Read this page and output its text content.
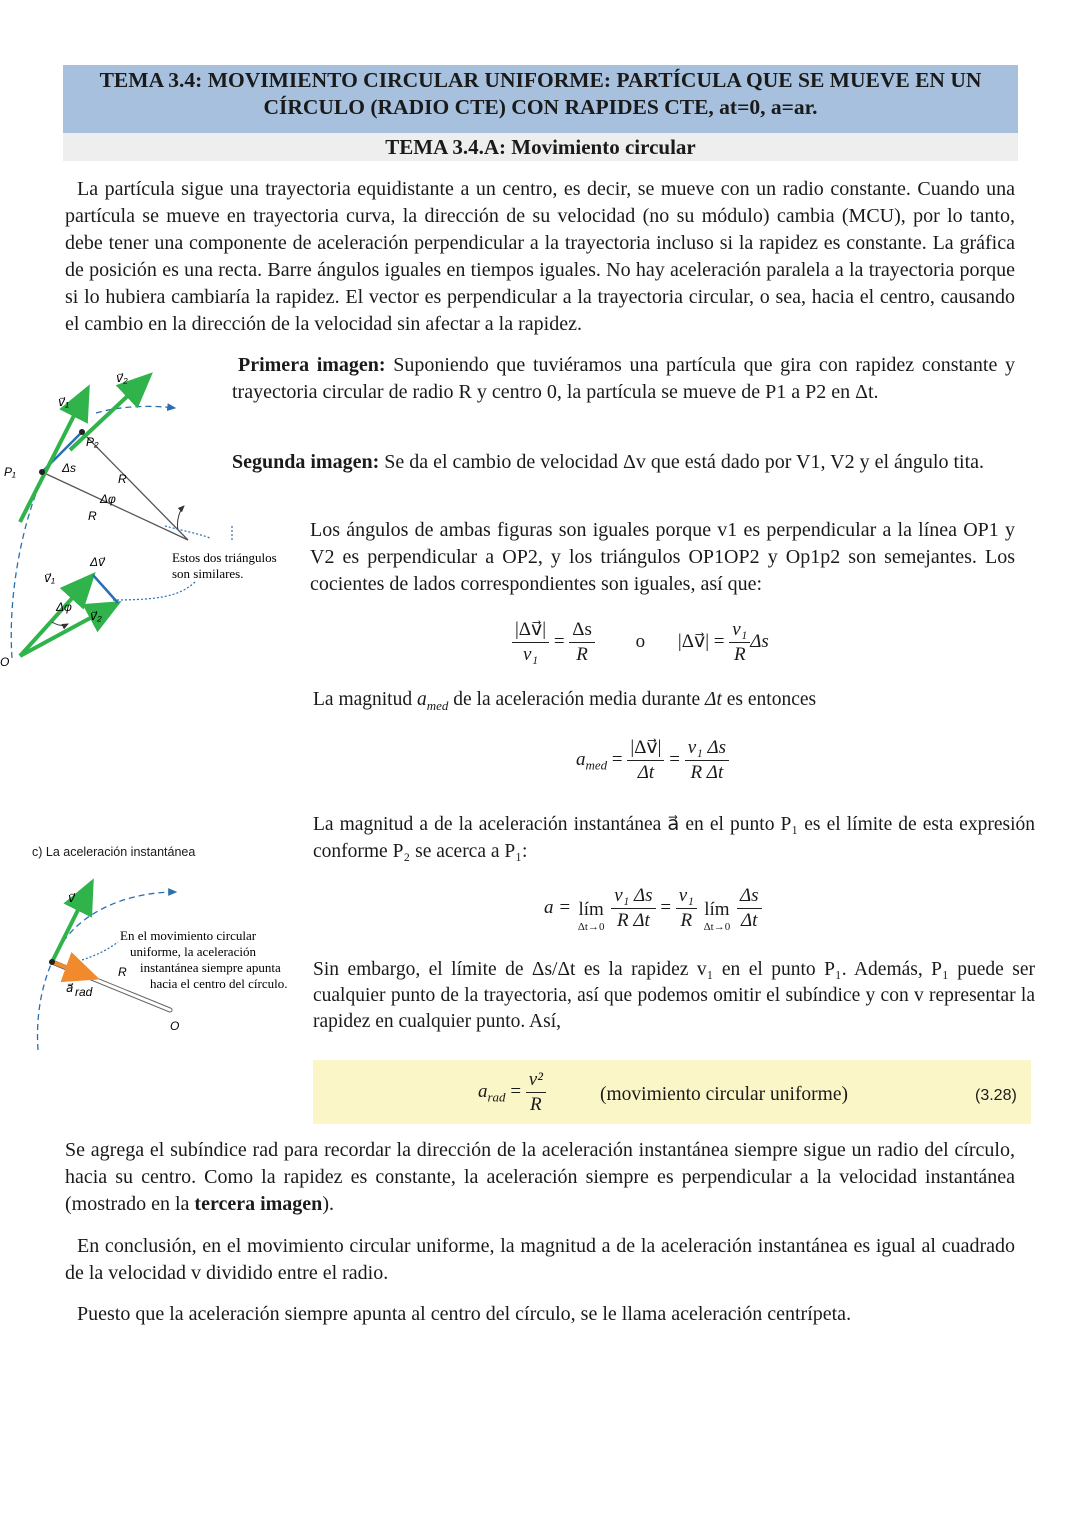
TEMA 3.4: MOVIMIENTO CIRCULAR UNIFORME: PARTÍCULA QUE SE MUEVE EN UN
CÍRCULO (RADIO CTE) CON RAPIDES CTE, at=0, a=ar.
TEMA 3.4.A: Movimiento circular

La partícula sigue una trayectoria equidistante a un centro, es decir, se mueve con un radio constante. Cuando una partícula se mueve en trayectoria curva, la dirección de su velocidad (no su módulo) cambia (MCU), por lo tanto, debe tener una componente de aceleración perpendicular a la trayectoria incluso si la rapidez es constante. La gráfica de posición es una recta. Barre ángulos iguales en tiempos iguales. No hay aceleración paralela a la trayectoria porque si lo hubiera cambiaría la rapidez. El vector es perpendicular a la trayectoria circular, o sea, hacia el centro, causando el cambio en la dirección de la velocidad sin afectar a la rapidez.

v⃗₂
v⃗₁
P₂
P₁	Δs
R
Δφ
R
Δv⃗
v⃗₁
Δφ
v⃗₂
O
Estos dos triángulos
son similares.

Primera imagen: Suponiendo que tuviéramos una partícula que gira con rapidez constante y trayectoria circular de radio R y centro 0, la partícula se mueve de P1 a P2 en Δt.

Segunda imagen: Se da el cambio de velocidad Δv que está dado por V1, V2 y el ángulo tita.

Los ángulos de ambas figuras son iguales porque v1 es perpendicular a la línea OP1 y V2 es perpendicular a OP2, y los triángulos OP1OP2 y Op1p2 son semejantes. Los cocientes de lados correspondientes son iguales, así que:

$\frac{|\Delta v⃗|}{\text{v₁}} = \frac{\Delta s}{R}$ o |Δv⃗| = $\frac{\text{v₁}}{R}$ Δs

La magnitud $a_{med}$ de la aceleración media durante Δt es entonces

$a_{med} = \frac{|\Delta v⃗|}{\Delta t} = \frac{\text{v₁ Δs}}{\text{R Δt}}$

La magnitud a de la aceleración instantánea a⃗ en el punto P₁ es el límite de esta expresión conforme P₂ se acerca a P₁:

a = lím
Δt→0
$\frac{\text{v₁ Δs}}{\text{R Δt}} = \frac{\text{v₁}}{R}$
lím
Δt→0
$\frac{\Delta s}{\Delta t}$
c) La aceleración instantánea
v⃗
a⃗ rad
R
O
En el movimiento circular
uniforme, la aceleración
instantánea siempre apunta
hacia el centro del círculo.

Sin embargo, el límite de Δs/Δt es la rapidez v₁ en el punto P₁. Además, P₁ puede ser cualquier punto de la trayectoria, así que podemos omitir el subíndice y con v representar la rapidez en cualquier punto. Así,

$a_{rad} = \frac{\text{v²}}{R}$	(movimiento circular uniforme)	(3.28)

Se agrega el subíndice rad para recordar la dirección de la aceleración instantánea siempre sigue un radio del círculo, hacia su centro. Como la rapidez es constante, la aceleración siempre es perpendicular a la velocidad instantánea (mostrado en la tercera imagen).

En conclusión, en el movimiento circular uniforme, la magnitud a de la aceleración instantánea es igual al cuadrado de la velocidad v dividido entre el radio.

Puesto que la aceleración siempre apunta al centro del círculo, se le llama aceleración centrípeta.
